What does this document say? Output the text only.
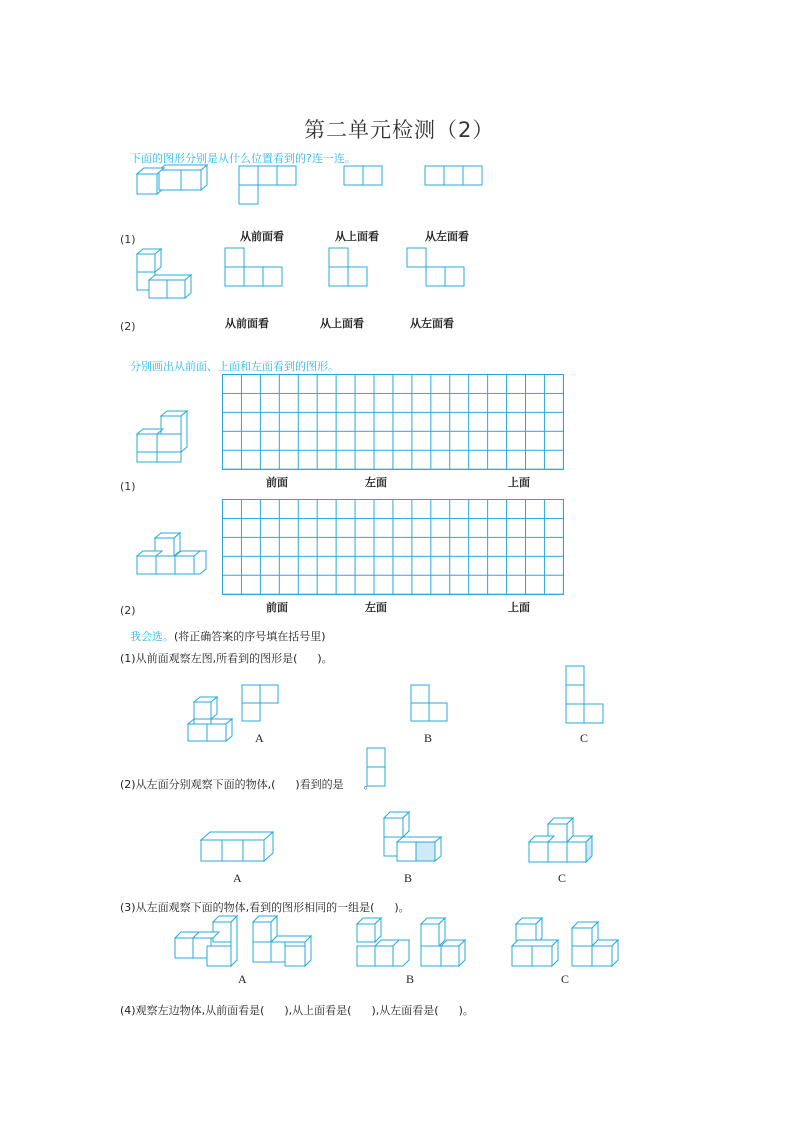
第二单元检测（2）
下面的图形分别是从什么位置看到的?连一连。
(1)	从前面看	从上面看	从左面看
(2)	从前面看	从上面看	从左面看
分别画出从前面、上面和左面看到的图形。
(1)	前面	左面	上面
(2)	前面	左面	上面
我会选。(将正确答案的序号填在括号里)
(1)从前面观察左图,所看到的图形是( )。
A	B	C
(2)从左面分别观察下面的物体,( )看到的是 。
A	B	C
(3)从左面观察下面的物体,看到的图形相同的一组是( )。
A	B	C
(4)观察左边物体,从前面看是( ),从上面看是( ),从左面看是( )。
